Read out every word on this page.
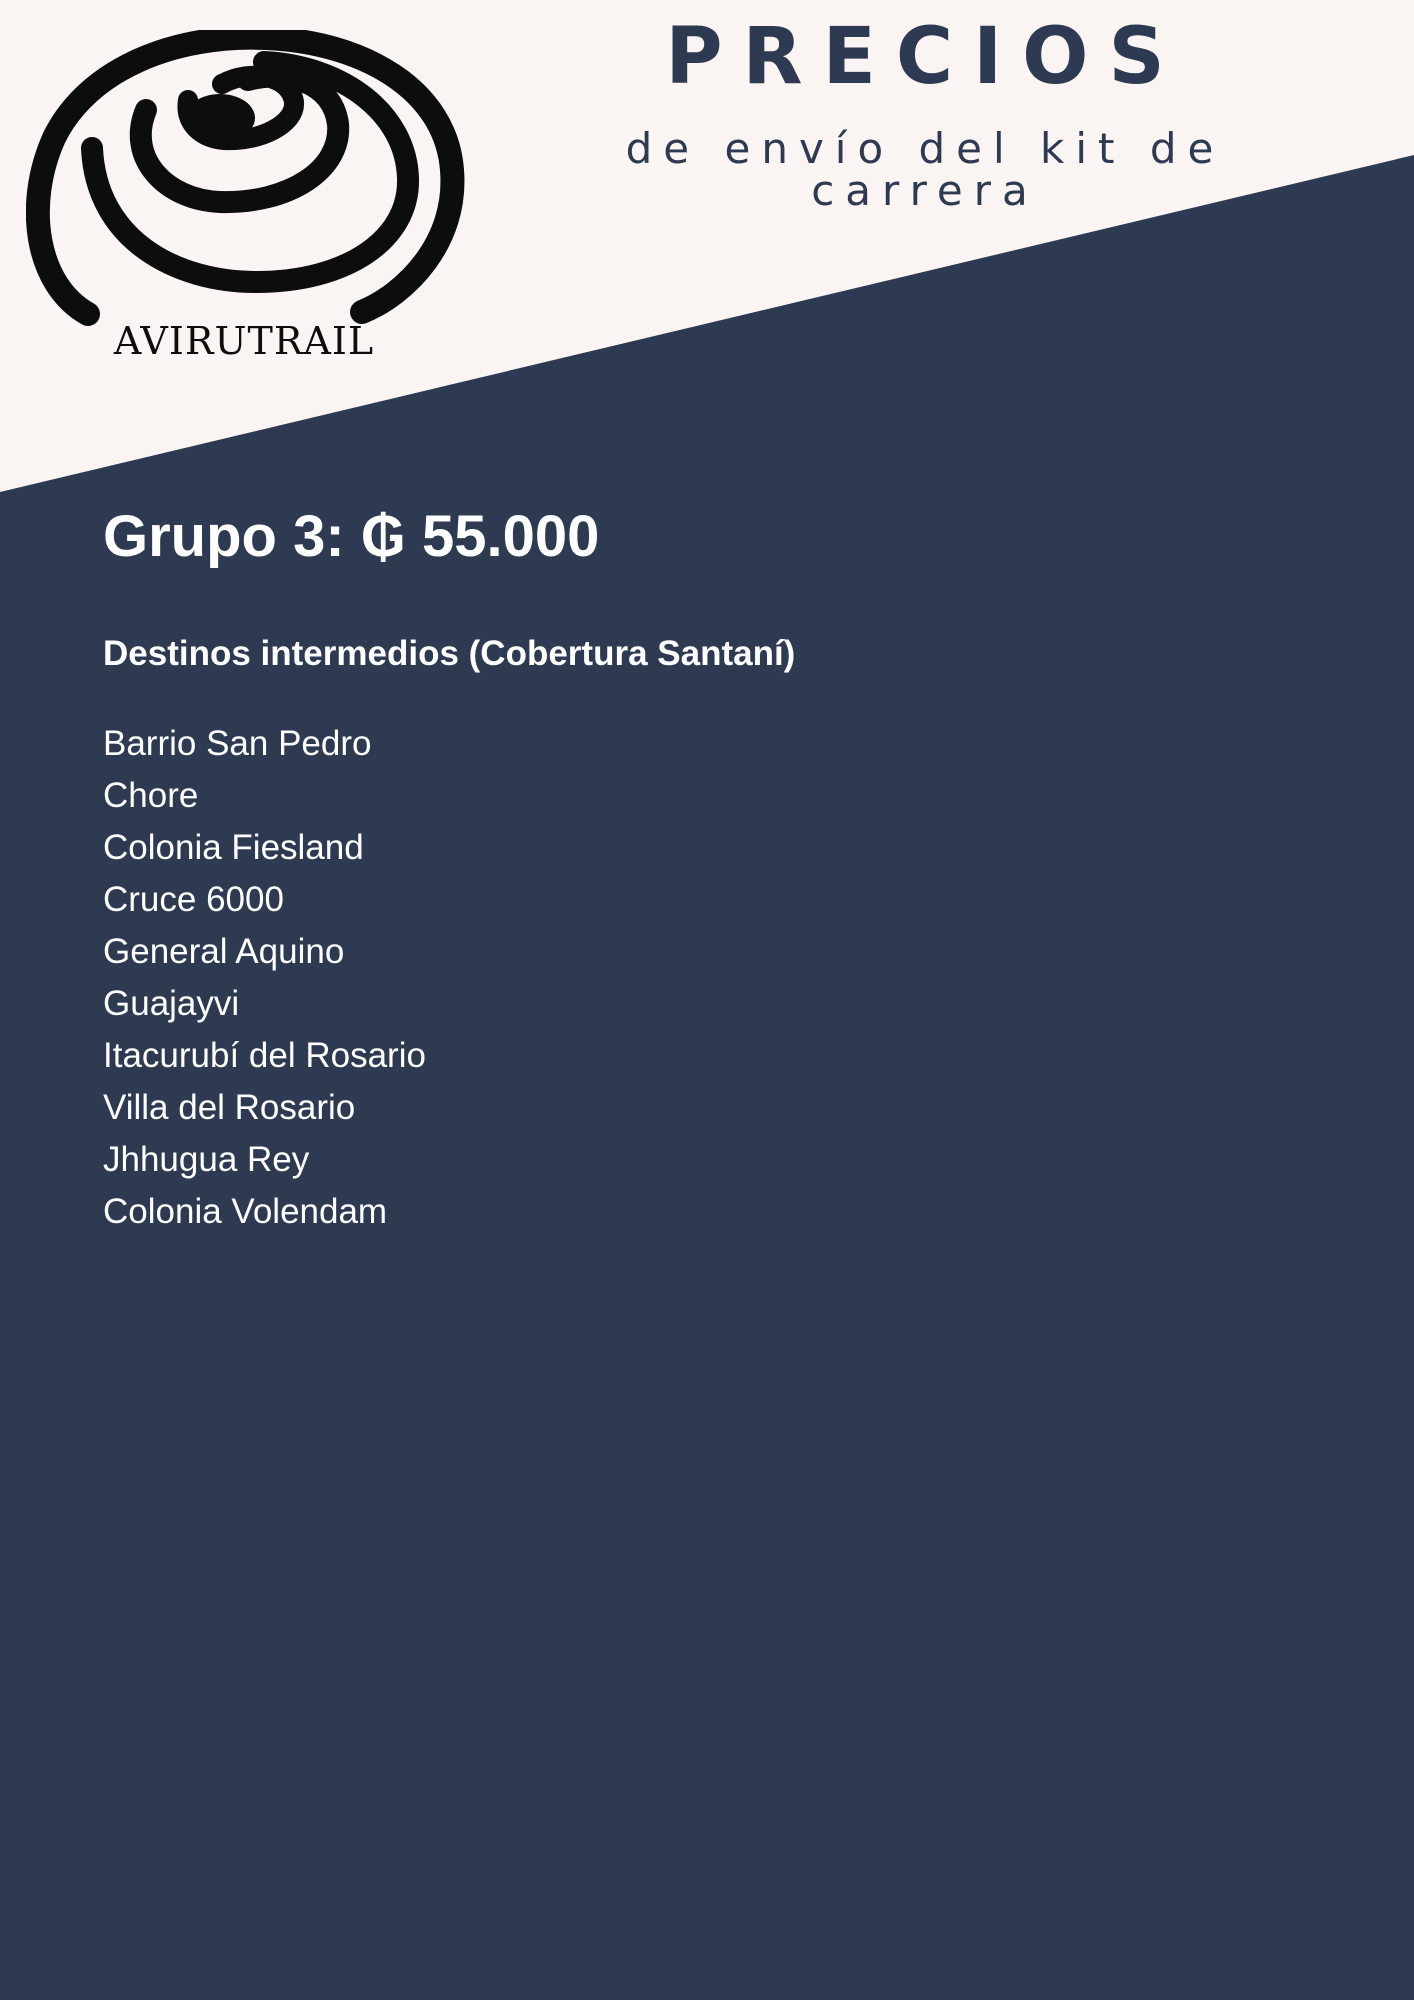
AVIRUTRAIL
PRECIOS
de envío del kit de carrera
Grupo 3: ₲ 55.000
Destinos intermedios (Cobertura Santaní)
Barrio San Pedro
Chore
Colonia Fiesland
Cruce 6000
General Aquino
Guajayvi
Itacurubí del Rosario
Villa del Rosario
Jhhugua Rey
Colonia Volendam
